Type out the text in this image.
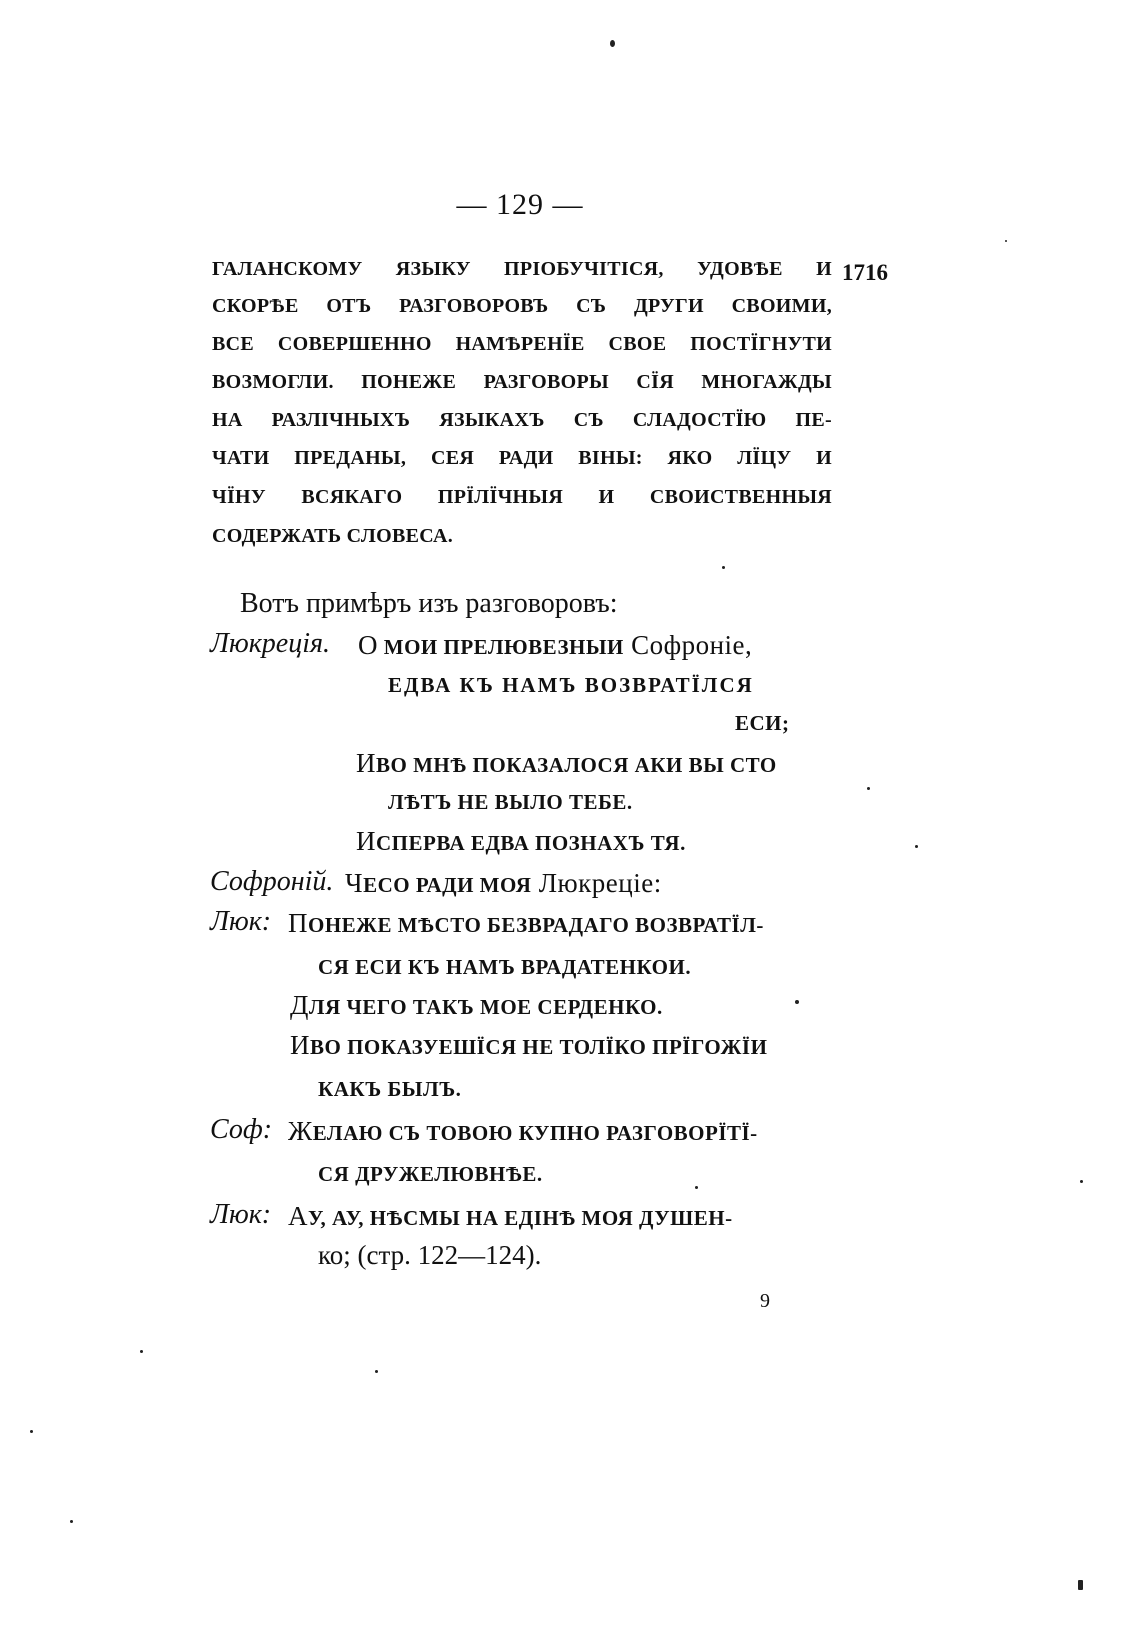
— 129 —
1716
ГАЛАНСКОМУ ЯЗЫКУ ПРІОБУЧІТІСЯ, УДОВѢЕ И
СКОРѢЕ ОТЪ РАЗГОВОРОВЪ СЪ ДРУГИ СВОИМИ,
ВСЕ СОВЕРШЕННО НАМѢРЕНЇЕ СВОЕ ПОСТЇГНУТИ
ВОЗМОГЛИ. ПОНЕЖЕ РАЗГОВОРЫ СЇЯ МНОГАЖДЫ
НА РАЗЛІЧНЫХЪ ЯЗЫКАХЪ СЪ СЛАДОСТЇЮ ПЕ-
ЧАТИ ПРЕДАНЫ, СЕЯ РАДИ ВІНЫ: ЯКО ЛЇЦУ И
ЧЇНУ ВСЯКАГО ПРЇЛЇЧНЫЯ И СВОИСТВЕННЫЯ
СОДЕРЖАТЬ СЛОВЕСА.
Вотъ примѣръ изъ разговоровъ:
Люкреція. О МОИ ПРЕЛЮВЕЗНЫИ Софроніе,
ЕДВА КЪ НАМЪ ВОЗВРАТЇЛСЯ
ЕСИ;
ИВО МНѢ ПОКАЗАЛОСЯ АКИ ВЫ СТО
ЛѢТЪ НЕ ВЫЛО ТЕБЕ.
ИСПЕРВА ЕДВА ПОЗНАХЪ ТЯ.
Софроній. ЧЕСО РАДИ МОЯ Люкреціе:
Люк: ПОНЕЖЕ МѢСТО БЕЗВРАДАГО ВОЗВРАТЇЛ-
СЯ ЕСИ КЪ НАМЪ ВРАДАТЕНКОИ.
ДЛЯ ЧЕГО ТАКЪ МОЕ СЕРДЕНКО.
ИВО ПОКАЗУЕШЇСЯ НЕ ТОЛЇКО ПРЇГОЖЇИ
КАКЪ БЫЛЪ.
Соф: ЖЕЛАЮ СЪ ТОВОЮ КУПНО РАЗГОВОРЇТЇ-
СЯ ДРУЖЕЛЮВНѢЕ.
Люк: АУ, АУ, НѢСМЫ НА ЕДІНѢ МОЯ ДУШЕН-
ко; (стр. 122—124).
9
